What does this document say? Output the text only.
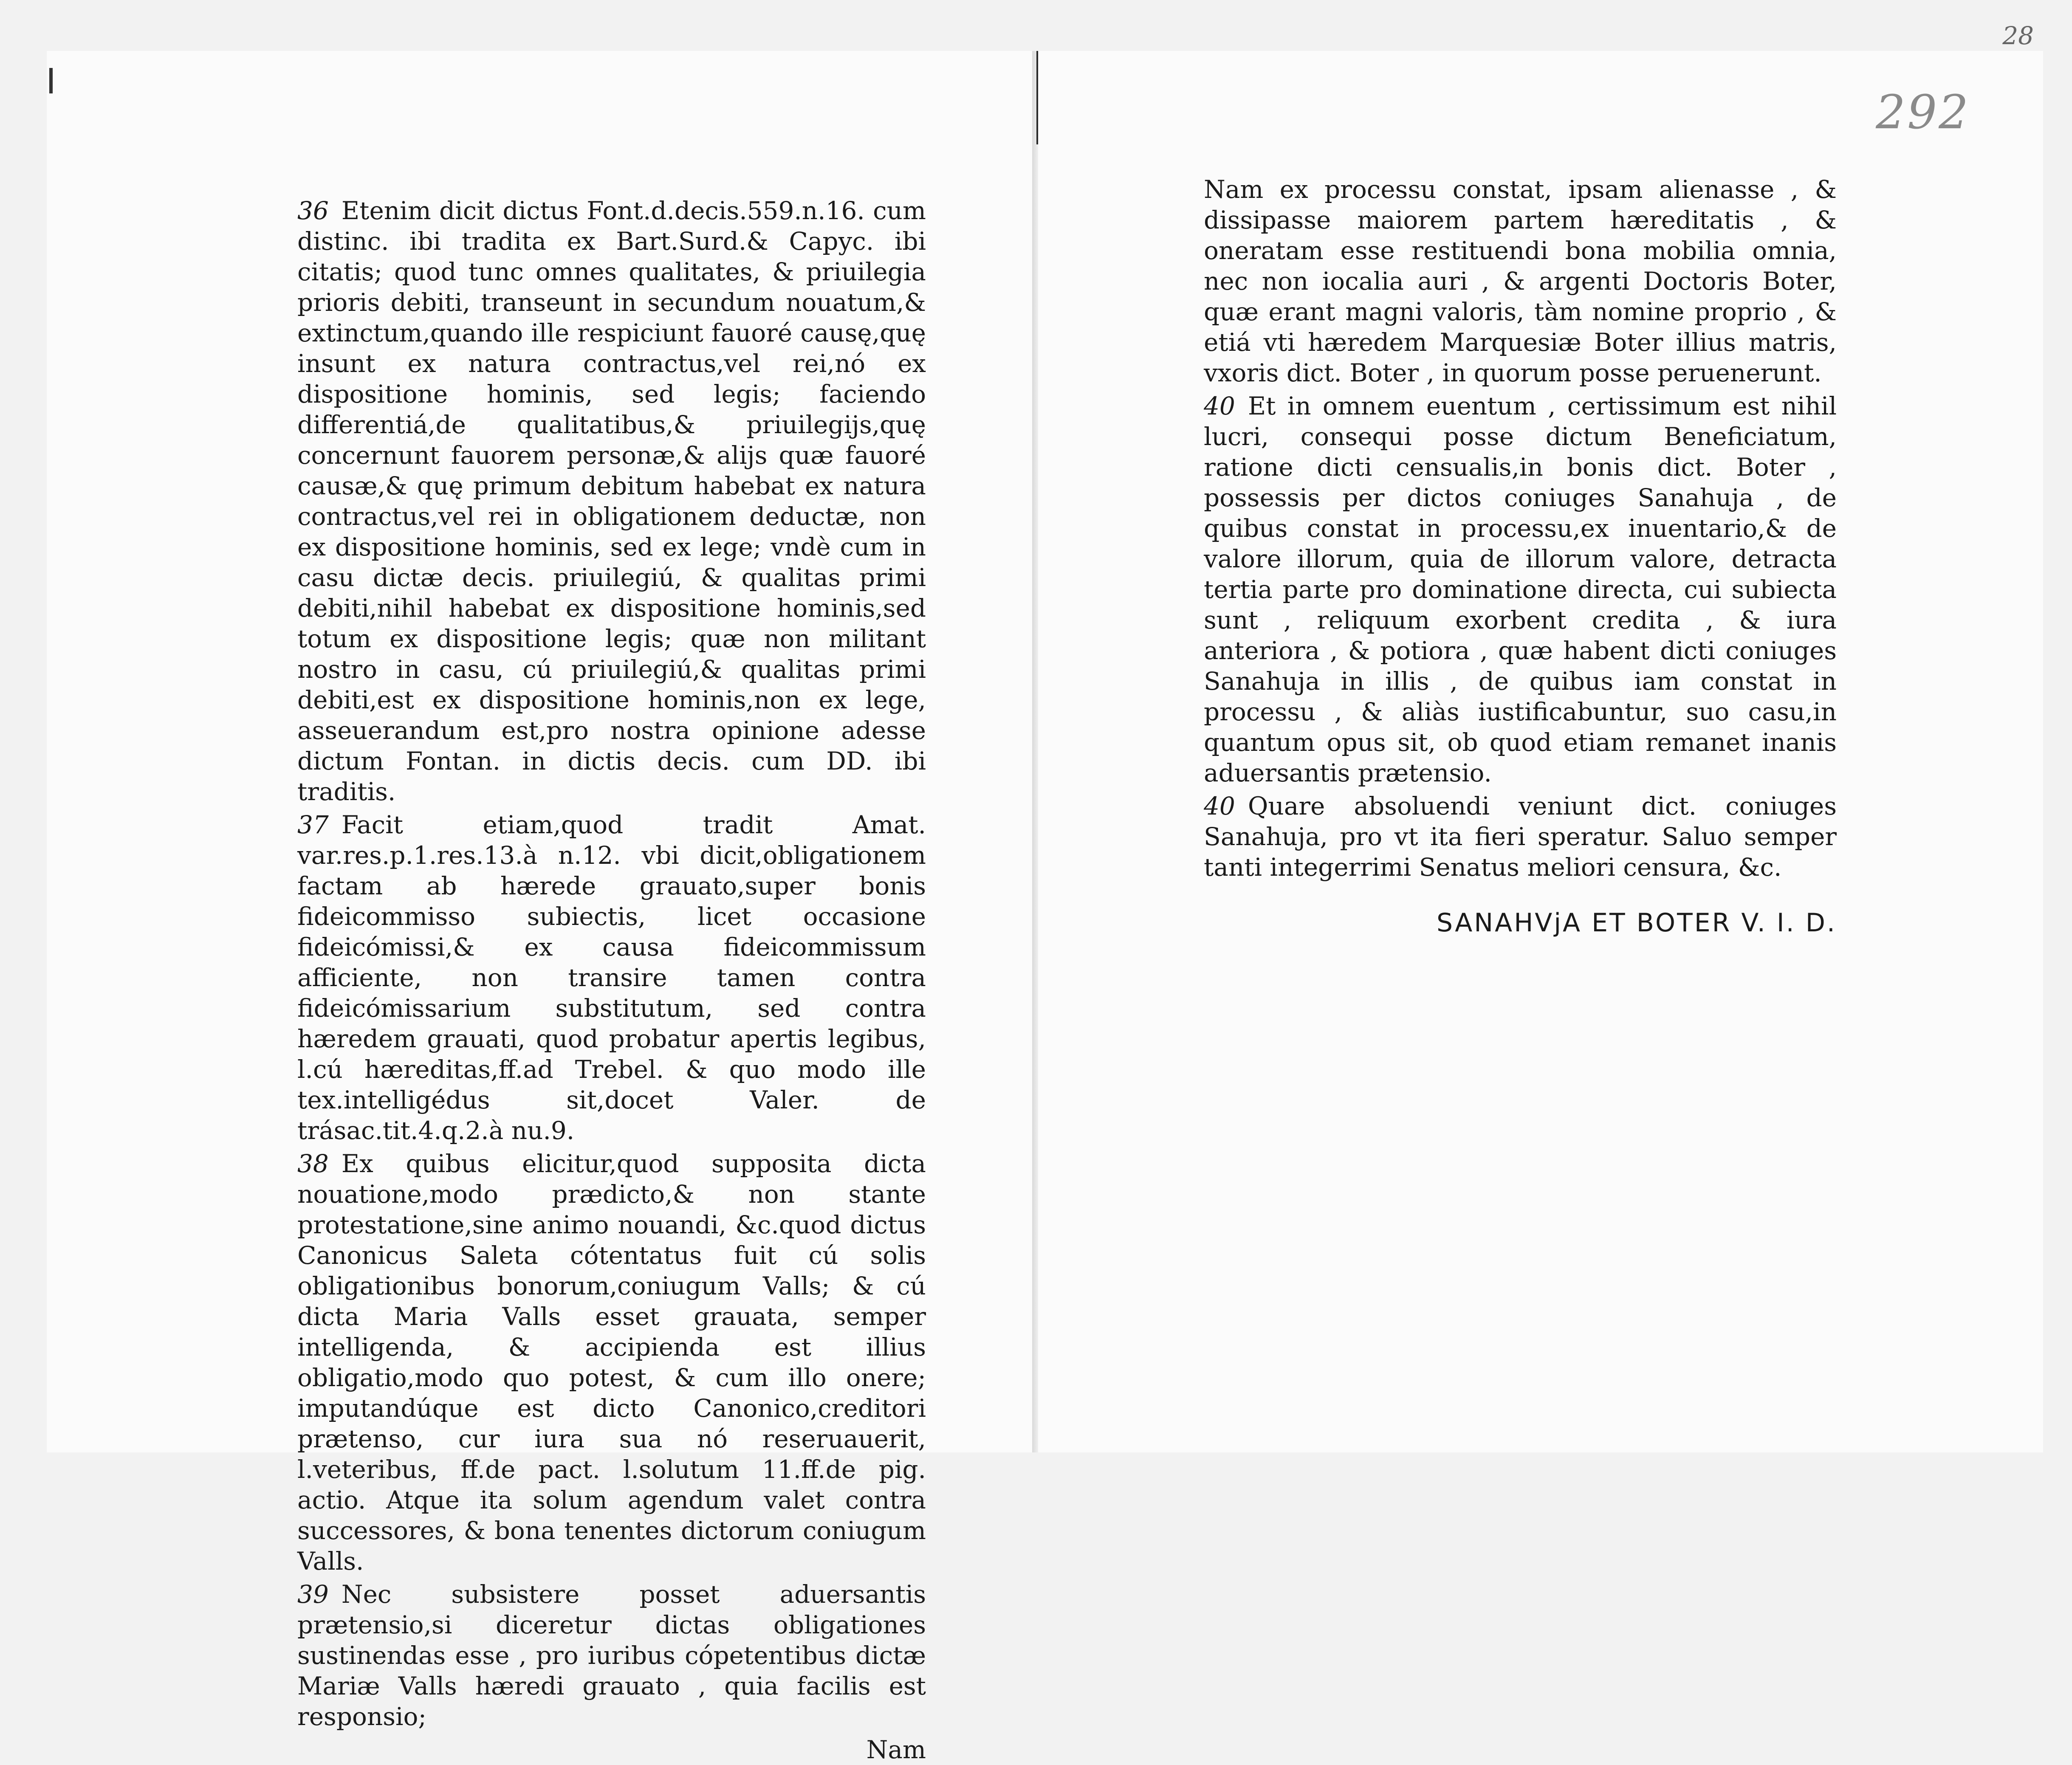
36 Etenim dicit dictus Font.d.decis.559.n.16. cum distinc. ibi tradita ex Bart.Surd.& Capyc. ibi citatis; quod tunc omnes qualitates, & priuilegia prioris debiti, transeunt in secundum nouatum,& extinctum,quando ille respiciunt fauoré causę,quę insunt ex natura contractus,vel rei,nó ex dispositione hominis, sed legis; faciendo differentiá,de qualitatibus,& priuilegijs,quę concernunt fauorem personæ,& alijs quæ fauoré causæ,& quę primum debitum habebat ex natura contractus,vel rei in obligationem deductæ, non ex dispositione hominis, sed ex lege; vndè cum in casu dictæ decis. priuilegiú, & qualitas primi debiti,nihil habebat ex dispositione hominis,sed totum ex dispositione legis; quæ non militant nostro in casu, cú priuilegiú,& qualitas primi debiti,est ex dispositione hominis,non ex lege, asseuerandum est,pro nostra opinione adesse dictum Fontan. in dictis decis. cum DD. ibi traditis.

37 Facit etiam,quod tradit Amat. var.res.p.1.res.13.à n.12. vbi dicit,obligationem factam ab hærede grauato,super bonis fideicommisso subiectis, licet occasione fideicómissi,& ex causa fideicommissum afficiente, non transire tamen contra fideicómissarium substitutum, sed contra hæredem grauati, quod probatur apertis legibus, l.cú hæreditas,ff.ad Trebel. & quo modo ille tex.intelligédus sit,docet Valer. de trásac.tit.4.q.2.à nu.9.

38 Ex quibus elicitur,quod supposita dicta nouatione,modo prædicto,& non stante protestatione,sine animo nouandi, &c.quod dictus Canonicus Saleta cótentatus fuit cú solis obligationibus bonorum,coniugum Valls; & cú dicta Maria Valls esset grauata, semper intelligenda, & accipienda est illius obligatio,modo quo potest, & cum illo onere; imputandúque est dicto Canonico,creditori prætenso, cur iura sua nó reseruauerit, l.veteribus, ff.de pact. l.solutum 11.ff.de pig. actio. Atque ita solum agendum valet contra successores, & bona tenentes dictorum coniugum Valls.

39 Nec subsistere posset aduersantis prætensio,si diceretur dictas obligationes sustinendas esse , pro iuribus cópetentibus dictæ Mariæ Valls hæredi grauato , quia facilis est responsio;

Nam

Nam ex processu constat, ipsam alienasse , & dissipasse maiorem partem hæreditatis , & oneratam esse restituendi bona mobilia omnia, nec non iocalia auri , & argenti Doctoris Boter, quæ erant magni valoris, tàm nomine proprio , & etiá vti hæredem Marquesiæ Boter illius matris, vxoris dict. Boter , in quorum posse peruenerunt.

40 Et in omnem euentum , certissimum est nihil lucri, consequi posse dictum Beneficiatum, ratione dicti censualis,in bonis dict. Boter , possessis per dictos coniuges Sanahuja , de quibus constat in processu,ex inuentario,& de valore illorum, quia de illorum valore, detracta tertia parte pro dominatione directa, cui subiecta sunt , reliquum exorbent credita , & iura anteriora , & potiora , quæ habent dicti coniuges Sanahuja in illis , de quibus iam constat in processu , & aliàs iustificabuntur, suo casu,in quantum opus sit, ob quod etiam remanet inanis aduersantis prætensio.

40 Quare absoluendi veniunt dict. coniuges Sanahuja, pro vt ita fieri speratur. Saluo semper tanti integerrimi Senatus meliori censura, &c.

SANAHVjA ET BOTER V. I. D.
28
292
